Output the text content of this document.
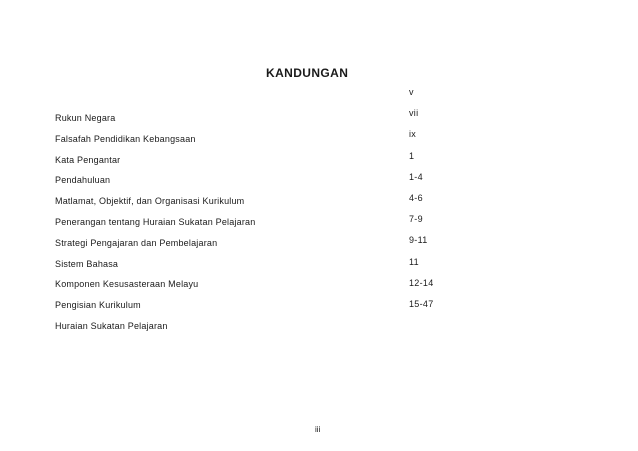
KANDUNGAN
Rukun Negara
Falsafah Pendidikan Kebangsaan
Kata Pengantar
Pendahuluan
Matlamat, Objektif, dan Organisasi Kurikulum
Penerangan tentang Huraian Sukatan Pelajaran
Strategi Pengajaran dan Pembelajaran
Sistem Bahasa
Komponen Kesusasteraan Melayu
Pengisian Kurikulum
Huraian Sukatan Pelajaran
v
vii
ix
1
1-4
4-6
7-9
9-11
11
12-14
15-47

iii
